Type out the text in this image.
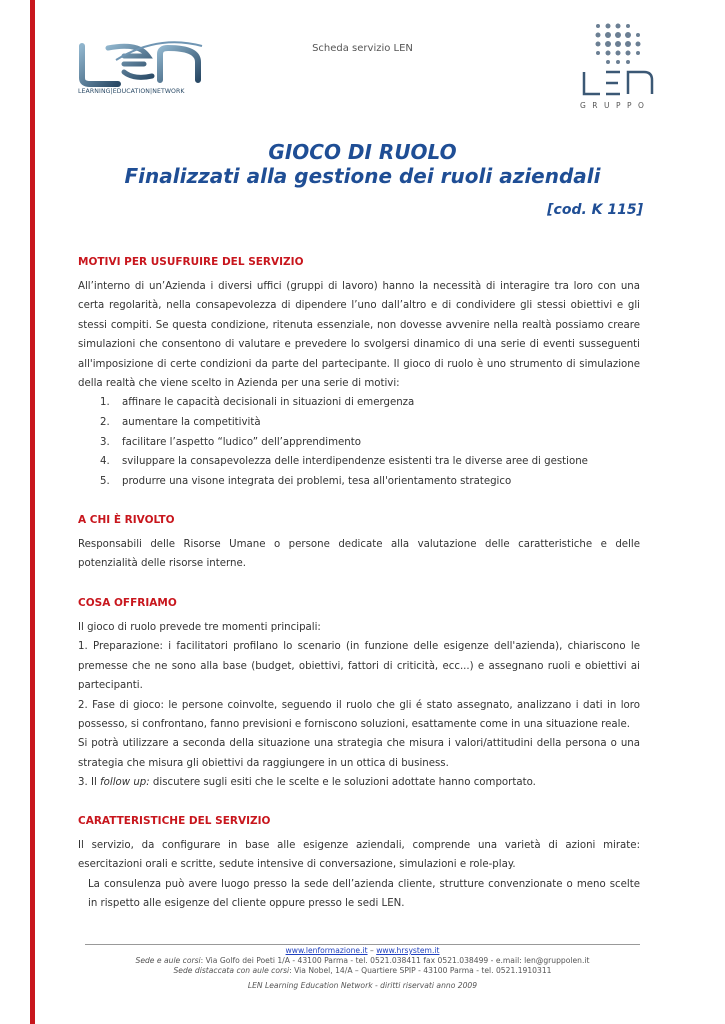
LEARNING|EDUCATION|NETWORK
Scheda servizio LEN
GRUPPO
GIOCO DI RUOLO
Finalizzati alla gestione dei ruoli aziendali
[cod. K 115]

MOTIVI PER USUFRUIRE DEL SERVIZIO

All’interno di un’Azienda i diversi uffici (gruppi di lavoro) hanno la necessità di interagire tra loro con una certa regolarità, nella consapevolezza di dipendere l’uno dall’altro e di condividere gli stessi obiettivi e gli stessi compiti. Se questa condizione, ritenuta essenziale, non dovesse avvenire nella realtà possiamo creare simulazioni che consentono di valutare e prevedere lo svolgersi dinamico di una serie di eventi susseguenti all'imposizione di certe condizioni da parte del partecipante. Il gioco di ruolo è uno strumento di simulazione della realtà che viene scelto in Azienda per una serie di motivi:

1.	affinare le capacità decisionali in situazioni di emergenza
2.	aumentare la competitività
3.	facilitare l’aspetto “ludico” dell’apprendimento
4.	sviluppare la consapevolezza delle interdipendenze esistenti tra le diverse aree di gestione
5.	produrre una visone integrata dei problemi, tesa all'orientamento strategico

A CHI È RIVOLTO

Responsabili delle Risorse Umane o persone dedicate alla valutazione delle caratteristiche e delle potenzialità delle risorse interne.

COSA OFFRIAMO

Il gioco di ruolo prevede tre momenti principali:

1. Preparazione: i facilitatori profilano lo scenario (in funzione delle esigenze dell'azienda), chiariscono le premesse che ne sono alla base (budget, obiettivi, fattori di criticità, ecc...) e assegnano ruoli e obiettivi ai partecipanti.

2. Fase di gioco: le persone coinvolte, seguendo il ruolo che gli é stato assegnato, analizzano i dati in loro possesso, si confrontano, fanno previsioni e forniscono soluzioni, esattamente come in una situazione reale.

Si potrà utilizzare a seconda della situazione una strategia che misura i valori/attitudini della persona o una strategia che misura gli obiettivi da raggiungere in un ottica di business.

3. Il follow up: discutere sugli esiti che le scelte e le soluzioni adottate hanno comportato.

CARATTERISTICHE DEL SERVIZIO

Il servizio, da configurare in base alle esigenze aziendali, comprende una varietà di azioni mirate: esercitazioni orali e scritte, sedute intensive di conversazione, simulazioni e role-play.

La consulenza può avere luogo presso la sede dell’azienda cliente, strutture convenzionate o meno scelte in rispetto alle esigenze del cliente oppure presso le sedi LEN.

www.lenformazione.it – www.hrsystem.it
Sede e aule corsi: Via Golfo dei Poeti 1/A - 43100 Parma - tel. 0521.038411 fax 0521.038499 - e.mail: len@gruppolen.it
Sede distaccata con aule corsi: Via Nobel, 14/A – Quartiere SPIP - 43100 Parma - tel. 0521.1910311
LEN Learning Education Network - diritti riservati anno 2009
